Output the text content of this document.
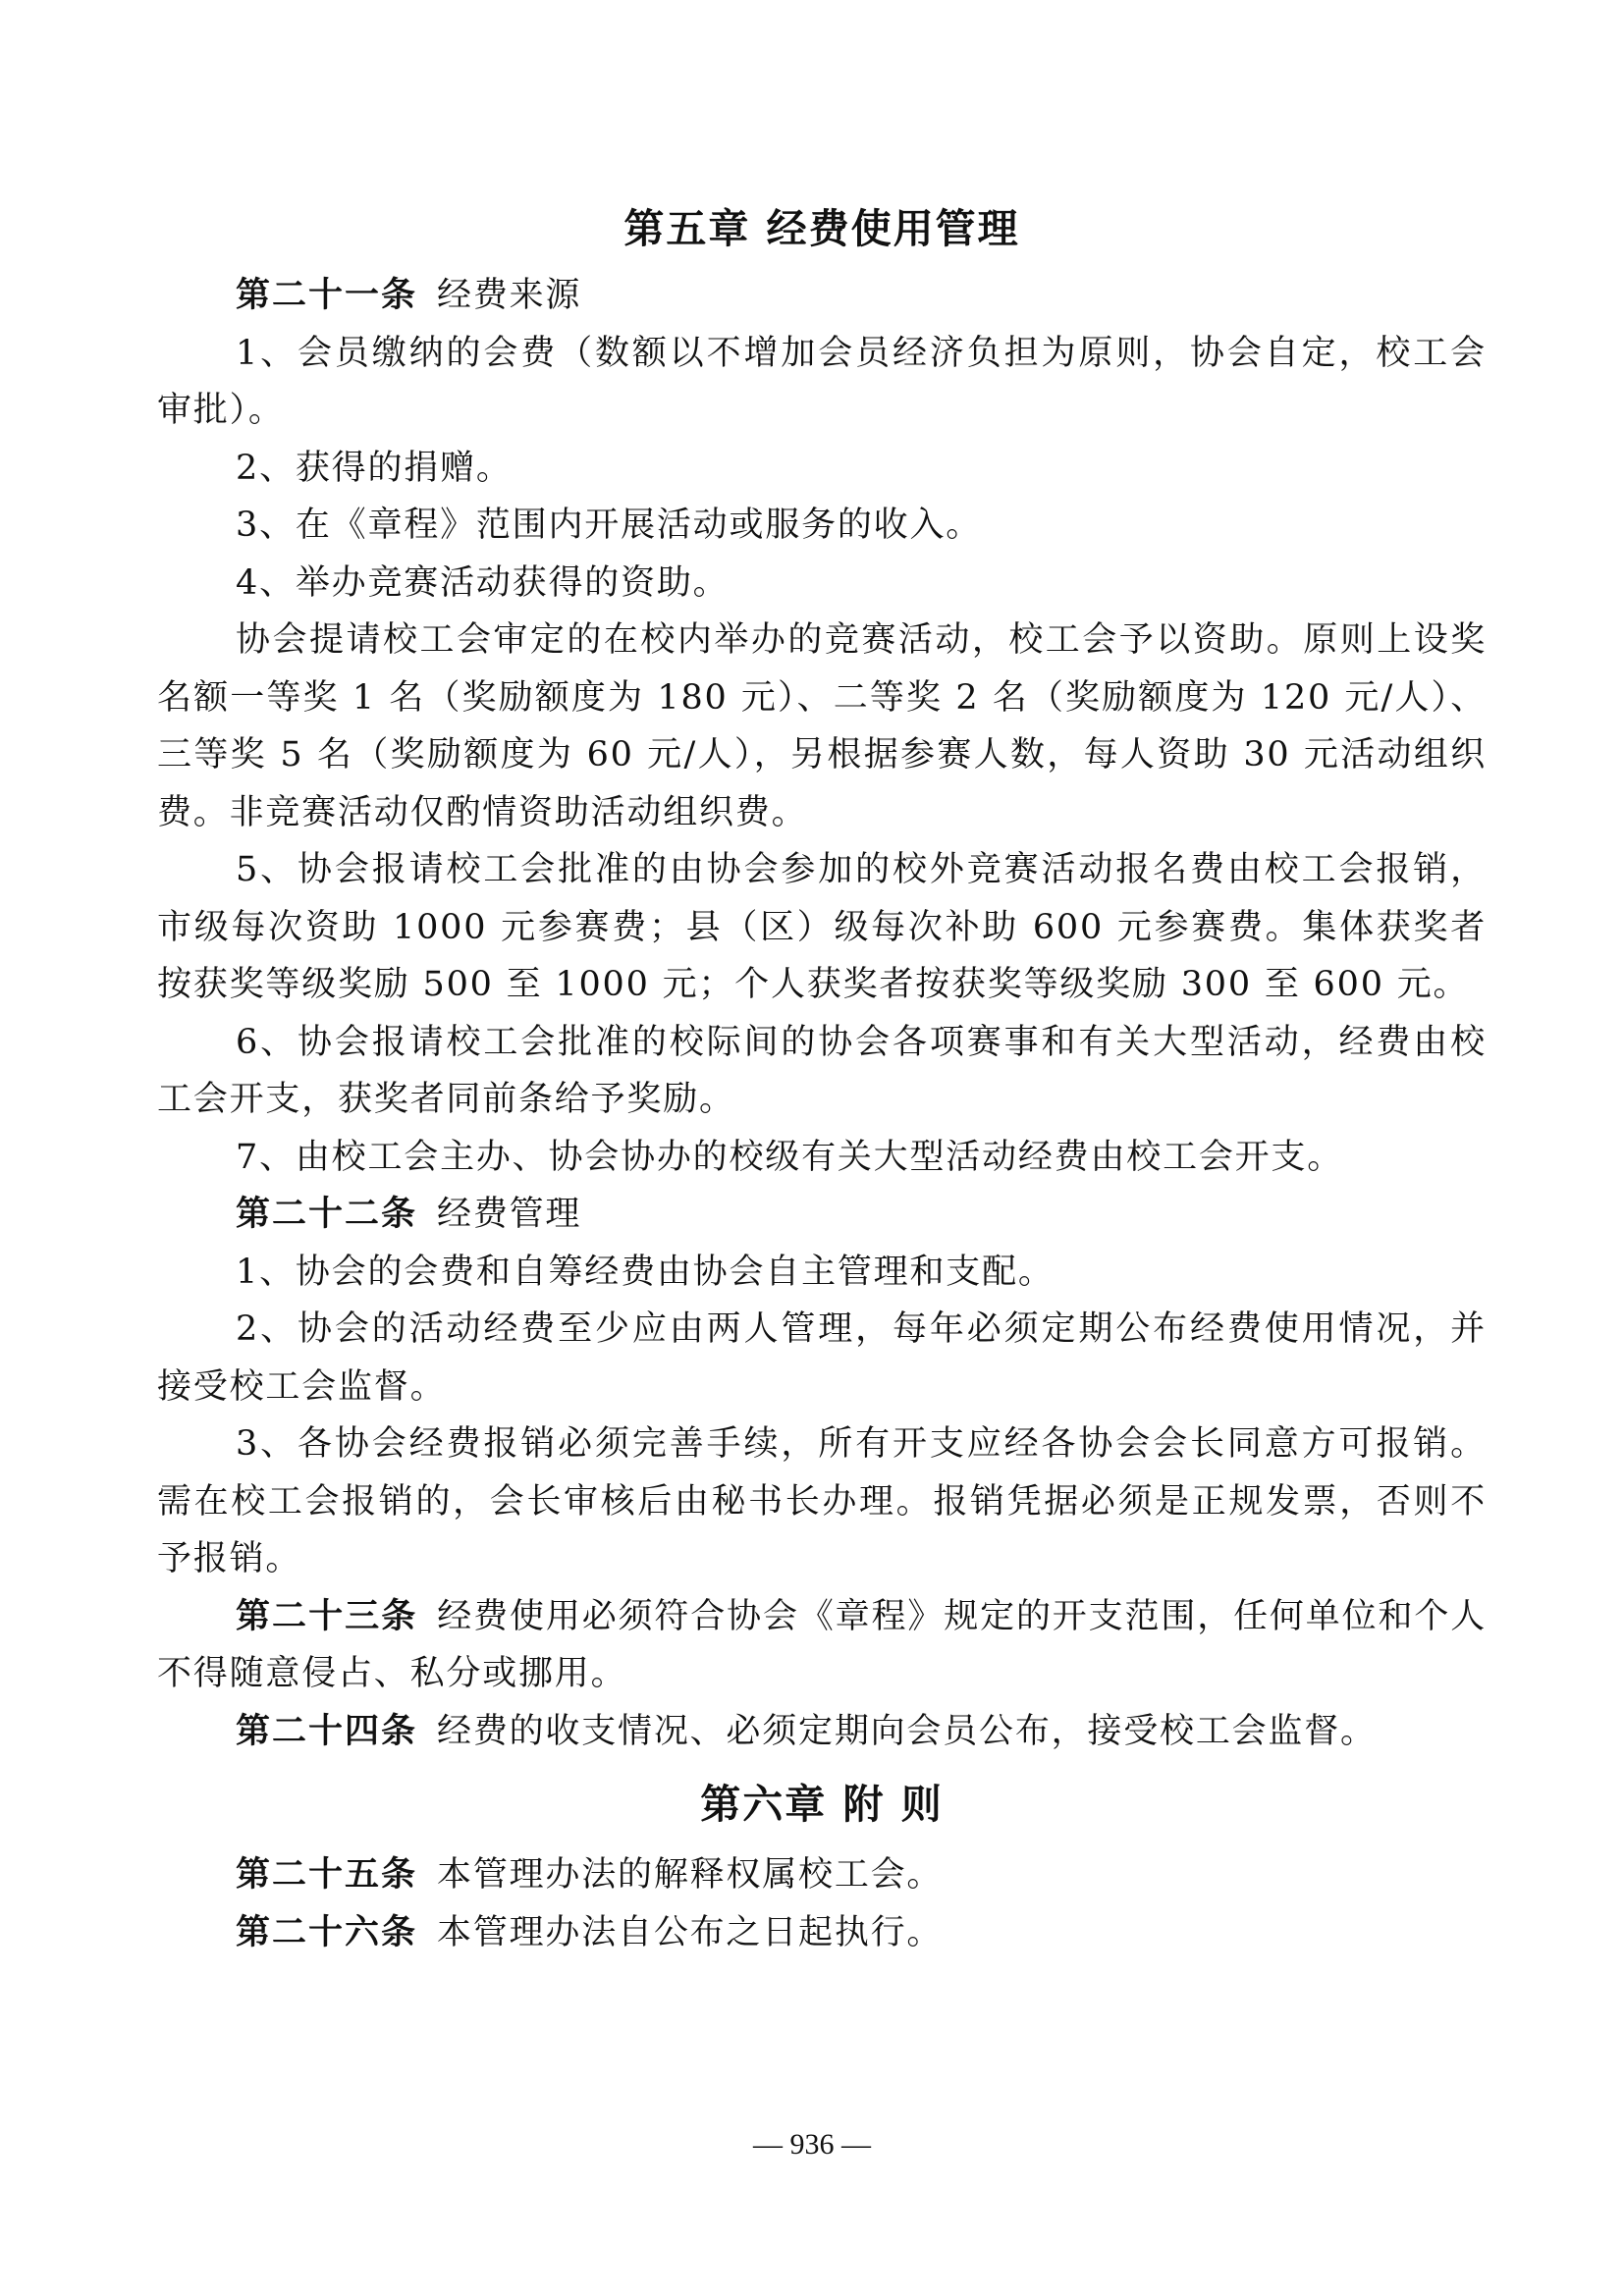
第五章 经费使用管理

第二十一条 经费来源

1、会员缴纳的会费（数额以不增加会员经济负担为原则，协会自定，校工会审批）。

2、获得的捐赠。

3、在《章程》范围内开展活动或服务的收入。

4、举办竞赛活动获得的资助。

协会提请校工会审定的在校内举办的竞赛活动，校工会予以资助。原则上设奖名额一等奖 1 名（奖励额度为 180 元）、二等奖 2 名（奖励额度为 120 元/人）、三等奖 5 名（奖励额度为 60 元/人），另根据参赛人数，每人资助 30 元活动组织费。非竞赛活动仅酌情资助活动组织费。

5、协会报请校工会批准的由协会参加的校外竞赛活动报名费由校工会报销，市级每次资助 1000 元参赛费；县（区）级每次补助 600 元参赛费。集体获奖者按获奖等级奖励 500 至 1000 元；个人获奖者按获奖等级奖励 300 至 600 元。

6、协会报请校工会批准的校际间的协会各项赛事和有关大型活动，经费由校工会开支，获奖者同前条给予奖励。

7、由校工会主办、协会协办的校级有关大型活动经费由校工会开支。

第二十二条 经费管理

1、协会的会费和自筹经费由协会自主管理和支配。

2、协会的活动经费至少应由两人管理，每年必须定期公布经费使用情况，并接受校工会监督。

3、各协会经费报销必须完善手续，所有开支应经各协会会长同意方可报销。需在校工会报销的，会长审核后由秘书长办理。报销凭据必须是正规发票，否则不予报销。

第二十三条 经费使用必须符合协会《章程》规定的开支范围，任何单位和个人不得随意侵占、私分或挪用。

第二十四条 经费的收支情况、必须定期向会员公布，接受校工会监督。

第六章 附 则

第二十五条 本管理办法的解释权属校工会。

第二十六条 本管理办法自公布之日起执行。

— 936 —
